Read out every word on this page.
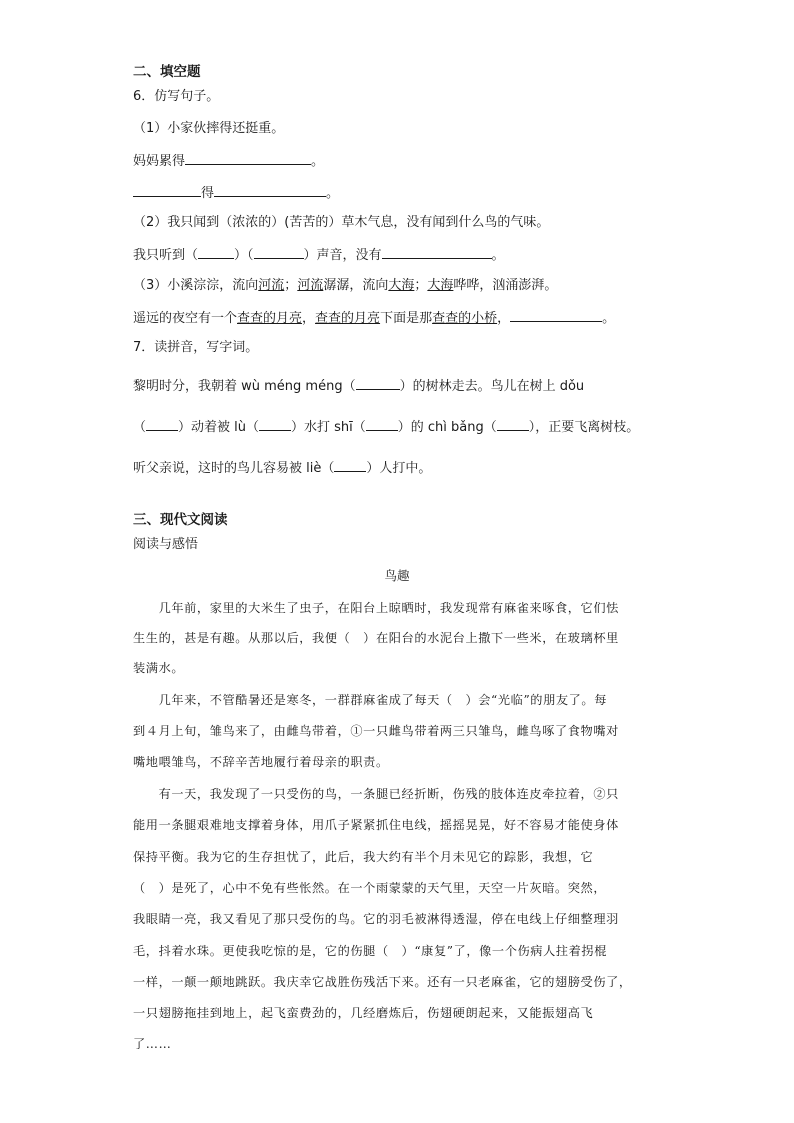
二、填空题
6．仿写句子。
（1）小家伙摔得还挺重。
妈妈累得	。
得	。
（2）我只闻到（浓浓的）(苦苦的）草木气息，没有闻到什么鸟的气味。
我只听到（	）（	）声音，没有	。
（3）小溪淙淙，流向河流；河流潺潺，流向大海；大海哗哗，汹涌澎湃。
遥远的夜空有一个查查的月亮，查查的月亮下面是那查查的小桥，	。
7．读拼音，写字词。
黎明时分，我朝着 wù méng méng（	）的树林走去。鸟儿在树上 dǒu
（ ）动着被 lù（ ）水打 shī（ ）的 chì bǎng（ ），正要飞离树枝。
听父亲说，这时的鸟儿容易被 liè（ ）人打中。
三、现代文阅读
阅读与感悟
鸟趣
　　几年前，家里的大米生了虫子，在阳台上晾晒时，我发现常有麻雀来啄食，它们怯
生生的，甚是有趣。从那以后，我便（　）在阳台的水泥台上撒下一些米，在玻璃杯里
装满水。
　　几年来，不管酷暑还是寒冬，一群群麻雀成了每天（　）会“光临”的朋友了。每
到４月上旬，雏鸟来了，由雌鸟带着，①一只雌鸟带着两三只雏鸟，雌鸟啄了食物嘴对
嘴地喂雏鸟，不辞辛苦地履行着母亲的职责。
　　有一天，我发现了一只受伤的鸟，一条腿已经折断，伤残的肢体连皮牵拉着，②只
能用一条腿艰难地支撑着身体，用爪子紧紧抓住电线，摇摇晃晃，好不容易才能使身体
保持平衡。我为它的生存担忧了，此后，我大约有半个月未见它的踪影，我想，它
（　）是死了，心中不免有些怅然。在一个雨蒙蒙的天气里，天空一片灰暗。突然，
我眼睛一亮，我又看见了那只受伤的鸟。它的羽毛被淋得透湿，停在电线上仔细整理羽
毛，抖着水珠。更使我吃惊的是，它的伤腿（　）“康复”了，像一个伤病人拄着拐棍
一样，一颠一颠地跳跃。我庆幸它战胜伤残活下来。还有一只老麻雀，它的翅膀受伤了，
一只翅膀拖挂到地上，起飞蛮费劲的，几经磨炼后，伤翅硬朗起来，又能振翅高飞
了……
